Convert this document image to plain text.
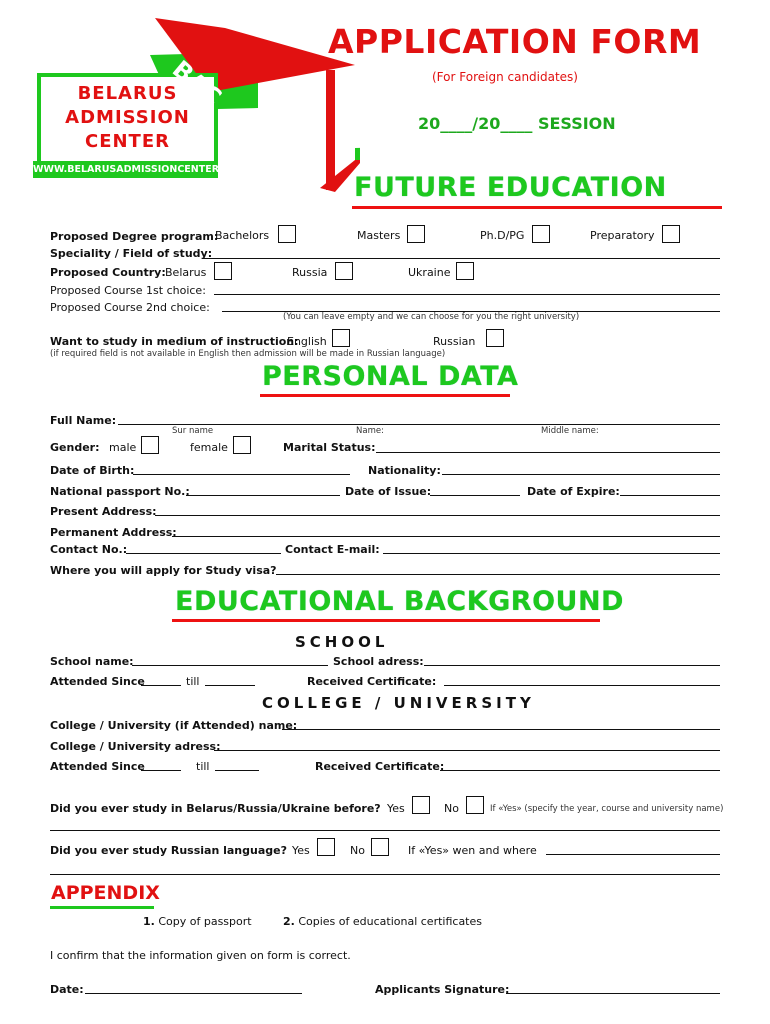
BELARUS
ADMISSION
CENTER
BAC
WWW.BELARUSADMISSIONCENTER.COM
APPLICATION FORM
(For Foreign candidates)
20____/20____ SESSION
Please fill the form in capital letters
FUTURE EDUCATION
Proposed Degree program:
Bachelors	Masters	Ph.D/PG	Preparatory
Speciality / Field of study:
Proposed Country: Belarus	Russia	Ukraine
Proposed Course 1st choice:
Proposed Course 2nd choice:
(You can leave empty and we can choose for you the right university)
Want to study in medium of instruction:
English	Russian
(if required field is not available in English then admission will be made in Russian language)
PERSONAL DATA
Full Name:
Sur name	Name:	Middle name:
Gender: male	female	Marital Status:
Date of Birth:	Nationality:
National passport No.:	Date of Issue:	Date of Expire:
Present Address:
Permanent Address:
Contact No.:	Contact E-mail:
Where you will apply for Study visa?
EDUCATIONAL BACKGROUND
SCHOOL
School name:	School adress:
Attended Since	till	Received Certificate:
COLLEGE / UNIVERSITY
College / University (if Attended) name:
College / University adress:
Attended Since	till	Received Certificate:
Did you ever study in Belarus/Russia/Ukraine before? Yes	No	If «Yes» (specify the year, course and university name)
Did you ever study Russian language? Yes	No	If «Yes» wen and where
APPENDIX
1. Copy of passport	2. Copies of educational certificates
I confirm that the information given on form is correct.
Date:	Applicants Signature:
